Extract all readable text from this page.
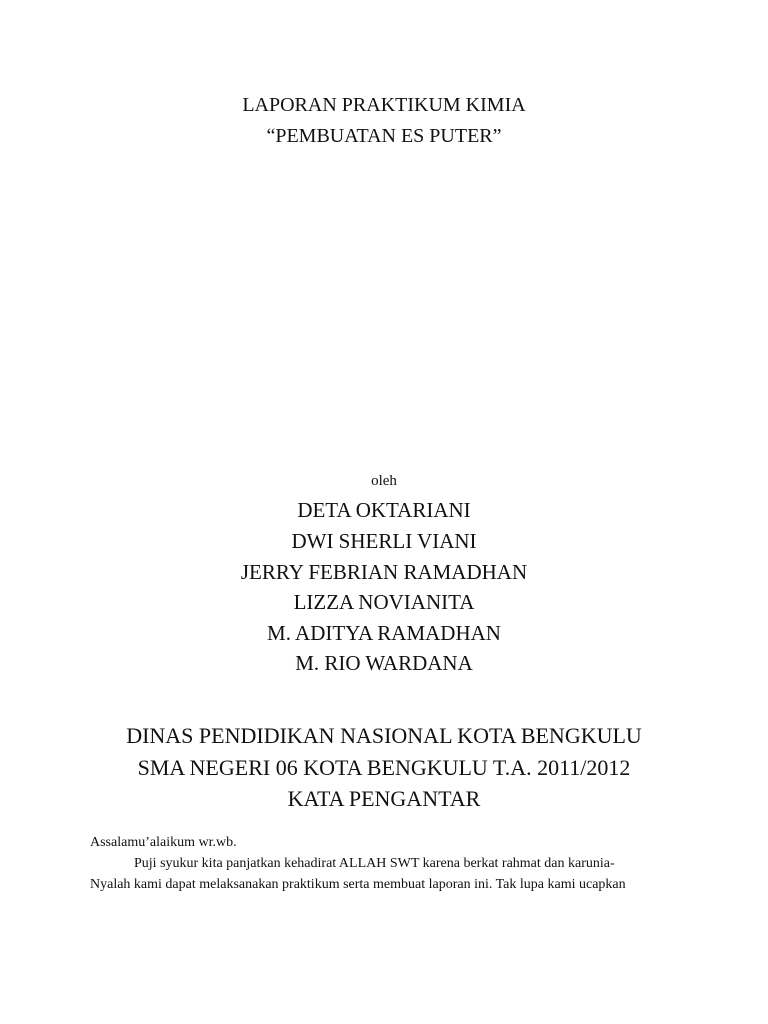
LAPORAN PRAKTIKUM KIMIA
“PEMBUATAN ES PUTER”
oleh
DETA OKTARIANI
DWI SHERLI VIANI
JERRY FEBRIAN RAMADHAN
LIZZA NOVIANITA
M. ADITYA RAMADHAN
M. RIO WARDANA
DINAS PENDIDIKAN NASIONAL KOTA BENGKULU
SMA NEGERI 06 KOTA BENGKULU T.A. 2011/2012
KATA PENGANTAR
Assalamu’alaikum wr.wb.
Puji syukur kita panjatkan kehadirat ALLAH SWT karena berkat rahmat dan karunia-
Nyalah kami dapat melaksanakan praktikum serta membuat laporan ini. Tak lupa kami ucapkan
